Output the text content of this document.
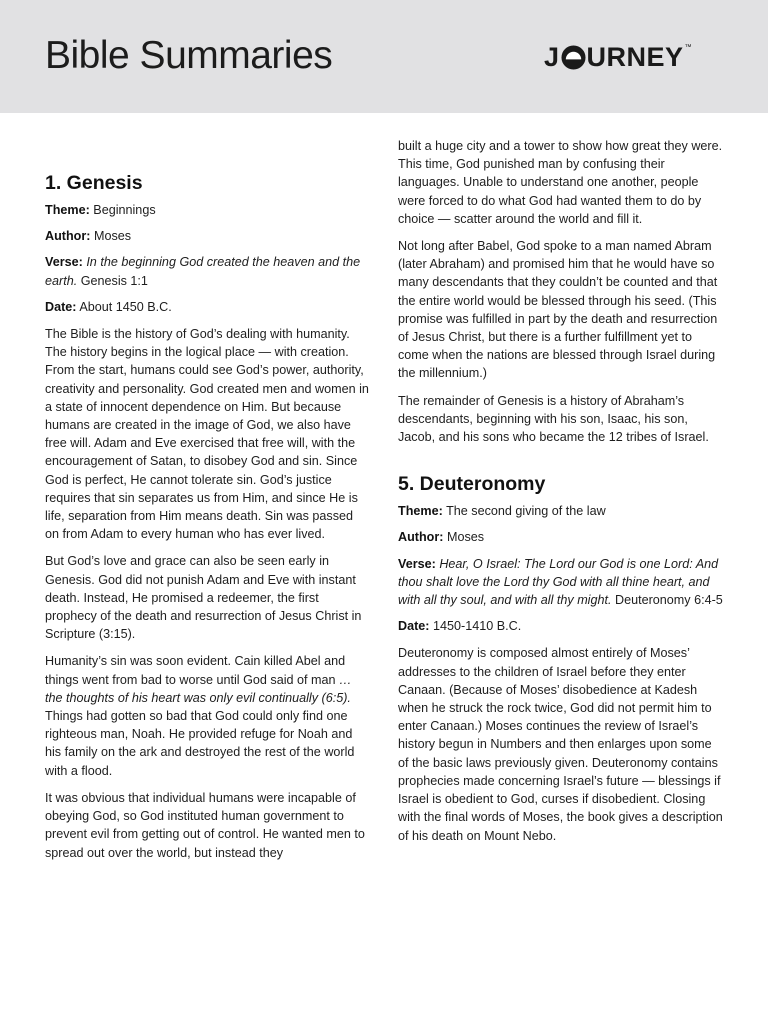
Bible Summaries	J URNEY ™
1. Genesis
Theme: Beginnings
Author: Moses
Verse: In the beginning God created the heaven and the earth. Genesis 1:1
Date: About 1450 B.C.

The Bible is the history of God’s dealing with humanity. The history begins in the logical place — with creation. From the start, humans could see God’s power, authority, creativity and personality. God created men and women in a state of innocent dependence on Him. But because humans are created in the image of God, we also have free will. Adam and Eve exercised that free will, with the encouragement of Satan, to disobey God and sin. Since God is perfect, He cannot tolerate sin. God’s justice requires that sin separates us from Him, and since He is life, separation from Him means death. Sin was passed on from Adam to every human who has ever lived.

But God’s love and grace can also be seen early in Genesis. God did not punish Adam and Eve with instant death. Instead, He promised a redeemer, the first prophecy of the death and resurrection of Jesus Christ in Scripture (3:15).

Humanity’s sin was soon evident. Cain killed Abel and things went from bad to worse until God said of man … the thoughts of his heart was only evil continually (6:5). Things had gotten so bad that God could only find one righteous man, Noah. He provided refuge for Noah and his family on the ark and destroyed the rest of the world with a flood.

It was obvious that individual humans were incapable of obeying God, so God instituted human government to prevent evil from getting out of control. He wanted men to spread out over the world, but instead they

built a huge city and a tower to show how great they were. This time, God punished man by confusing their languages. Unable to understand one another, people were forced to do what God had wanted them to do by choice — scatter around the world and fill it.

Not long after Babel, God spoke to a man named Abram (later Abraham) and promised him that he would have so many descendants that they couldn’t be counted and that the entire world would be blessed through his seed. (This promise was fulfilled in part by the death and resurrection of Jesus Christ, but there is a further fulfillment yet to come when the nations are blessed through Israel during the millennium.)

The remainder of Genesis is a history of Abraham’s descendants, beginning with his son, Isaac, his son, Jacob, and his sons who became the 12 tribes of Israel.

5. Deuteronomy
Theme: The second giving of the law
Author: Moses
Verse: Hear, O Israel: The Lord our God is one Lord: And thou shalt love the Lord thy God with all thine heart, and with all thy soul, and with all thy might. Deuteronomy 6:4-5
Date: 1450-1410 B.C.

Deuteronomy is composed almost entirely of Moses’ addresses to the children of Israel before they enter Canaan. (Because of Moses’ disobedience at Kadesh when he struck the rock twice, God did not permit him to enter Canaan.) Moses continues the review of Israel’s history begun in Numbers and then enlarges upon some of the basic laws previously given. Deuteronomy contains prophecies made concerning Israel’s future — blessings if Israel is obedient to God, curses if disobedient. Closing with the final words of Moses, the book gives a description of his death on Mount Nebo.
